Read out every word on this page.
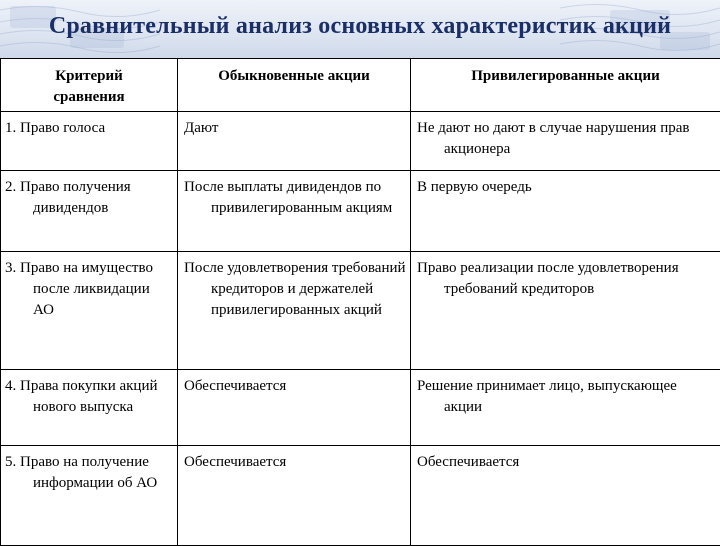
Сравнительный анализ основных характеристик акций
Критерий сравнения	Обыкновенные акции	Привилегированные акции

1. Право голоса	Дают	Не дают но дают в случае нарушения прав акционера

2. Право получения дивидендов	После выплаты дивидендов по привилегированным акциям	В первую очередь

3. Право на имущество после ликвидации АО	После удовлетворения требований кредиторов и держателей привилегированных акций	Право реализации после удовлетворения требований кредиторов

4. Права покупки акций нового выпуска	Обеспечивается	Решение принимает лицо, выпускающее акции

5. Право на получение информации об АО	Обеспечивается	Обеспечивается
